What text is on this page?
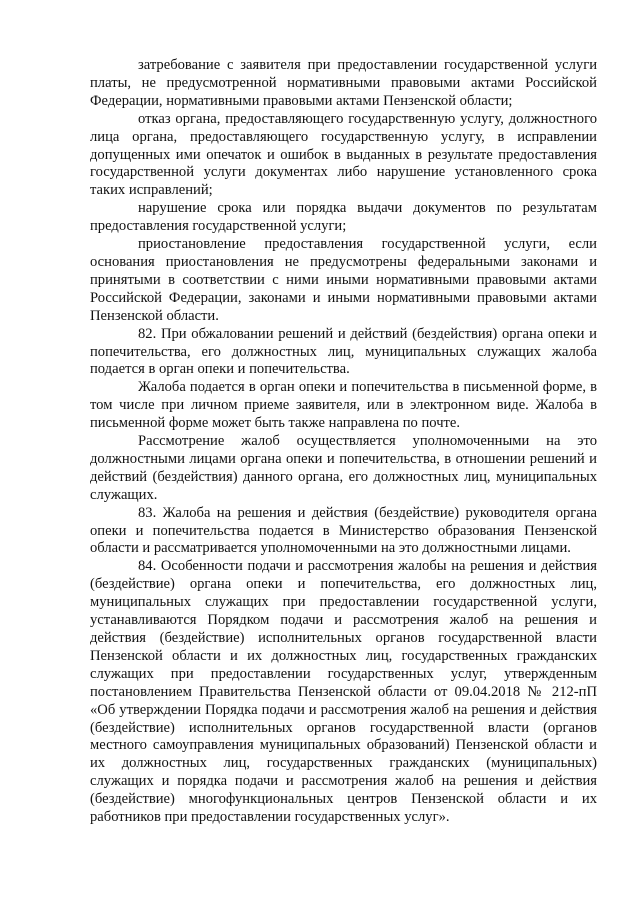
затребование с заявителя при предоставлении государственной услуги платы, не предусмотренной нормативными правовыми актами Российской Федерации, нормативными правовыми актами Пензенской области;

отказ органа, предоставляющего государственную услугу, должностного лица органа, предоставляющего государственную услугу, в исправлении допущенных ими опечаток и ошибок в выданных в результате предоставления государственной услуги документах либо нарушение установленного срока таких исправлений;

нарушение срока или порядка выдачи документов по результатам предоставления государственной услуги;

приостановление предоставления государственной услуги, если основания приостановления не предусмотрены федеральными законами и принятыми в соответствии с ними иными нормативными правовыми актами Российской Федерации, законами и иными нормативными правовыми актами Пензенской области.

82. При обжаловании решений и действий (бездействия) органа опеки и попечительства, его должностных лиц, муниципальных служащих жалоба подается в орган опеки и попечительства.

Жалоба подается в орган опеки и попечительства в письменной форме, в том числе при личном приеме заявителя, или в электронном виде. Жалоба в письменной форме может быть также направлена по почте.

Рассмотрение жалоб осуществляется уполномоченными на это должностными лицами органа опеки и попечительства, в отношении решений и действий (бездействия) данного органа, его должностных лиц, муниципальных служащих.

83. Жалоба на решения и действия (бездействие) руководителя органа опеки и попечительства подается в Министерство образования Пензенской области и рассматривается уполномоченными на это должностными лицами.

84. Особенности подачи и рассмотрения жалобы на решения и действия (бездействие) органа опеки и попечительства, его должностных лиц, муниципальных служащих при предоставлении государственной услуги, устанавливаются Порядком подачи и рассмотрения жалоб на решения и действия (бездействие) исполнительных органов государственной власти Пензенской области и их должностных лиц, государственных гражданских служащих при предоставлении государственных услуг, утвержденным постановлением Правительства Пензенской области от 09.04.2018 № 212-пП «Об утверждении Порядка подачи и рассмотрения жалоб на решения и действия (бездействие) исполнительных органов государственной власти (органов местного самоуправления муниципальных образований) Пензенской области и их должностных лиц, государственных гражданских (муниципальных) служащих и порядка подачи и рассмотрения жалоб на решения и действия (бездействие) многофункциональных центров Пензенской области и их работников при предоставлении государственных услуг».
